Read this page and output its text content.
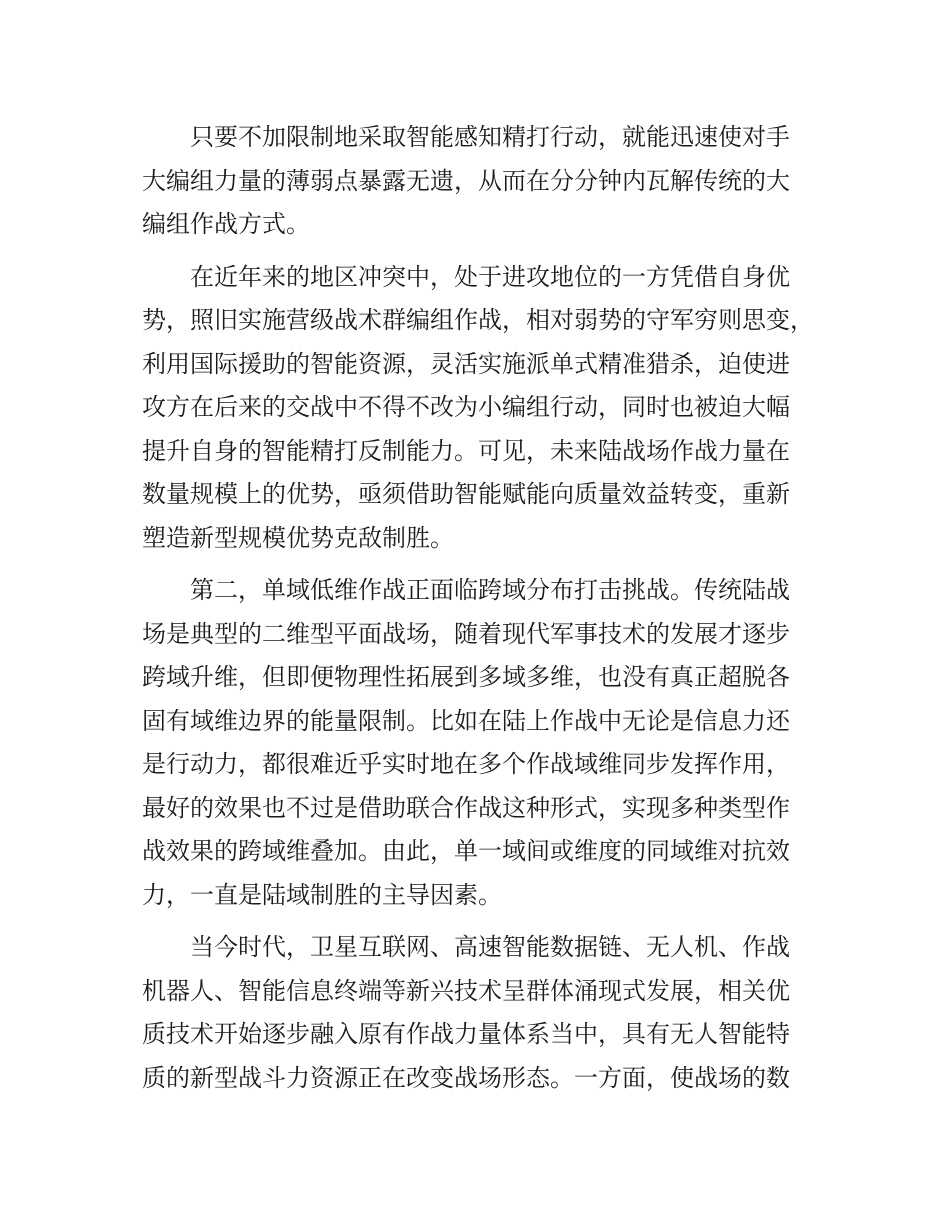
只要不加限制地采取智能感知精打行动，就能迅速使对手
大编组力量的薄弱点暴露无遗，从而在分分钟内瓦解传统的大
编组作战方式。
在近年来的地区冲突中，处于进攻地位的一方凭借自身优
势，照旧实施营级战术群编组作战，相对弱势的守军穷则思变，
利用国际援助的智能资源，灵活实施派单式精准猎杀，迫使进
攻方在后来的交战中不得不改为小编组行动，同时也被迫大幅
提升自身的智能精打反制能力。可见，未来陆战场作战力量在
数量规模上的优势，亟须借助智能赋能向质量效益转变，重新
塑造新型规模优势克敌制胜。
第二，单域低维作战正面临跨域分布打击挑战。传统陆战
场是典型的二维型平面战场，随着现代军事技术的发展才逐步
跨域升维，但即便物理性拓展到多域多维，也没有真正超脱各
固有域维边界的能量限制。比如在陆上作战中无论是信息力还
是行动力，都很难近乎实时地在多个作战域维同步发挥作用，
最好的效果也不过是借助联合作战这种形式，实现多种类型作
战效果的跨域维叠加。由此，单一域间或维度的同域维对抗效
力，一直是陆域制胜的主导因素。
当今时代，卫星互联网、高速智能数据链、无人机、作战
机器人、智能信息终端等新兴技术呈群体涌现式发展，相关优
质技术开始逐步融入原有作战力量体系当中，具有无人智能特
质的新型战斗力资源正在改变战场形态。一方面，使战场的数
